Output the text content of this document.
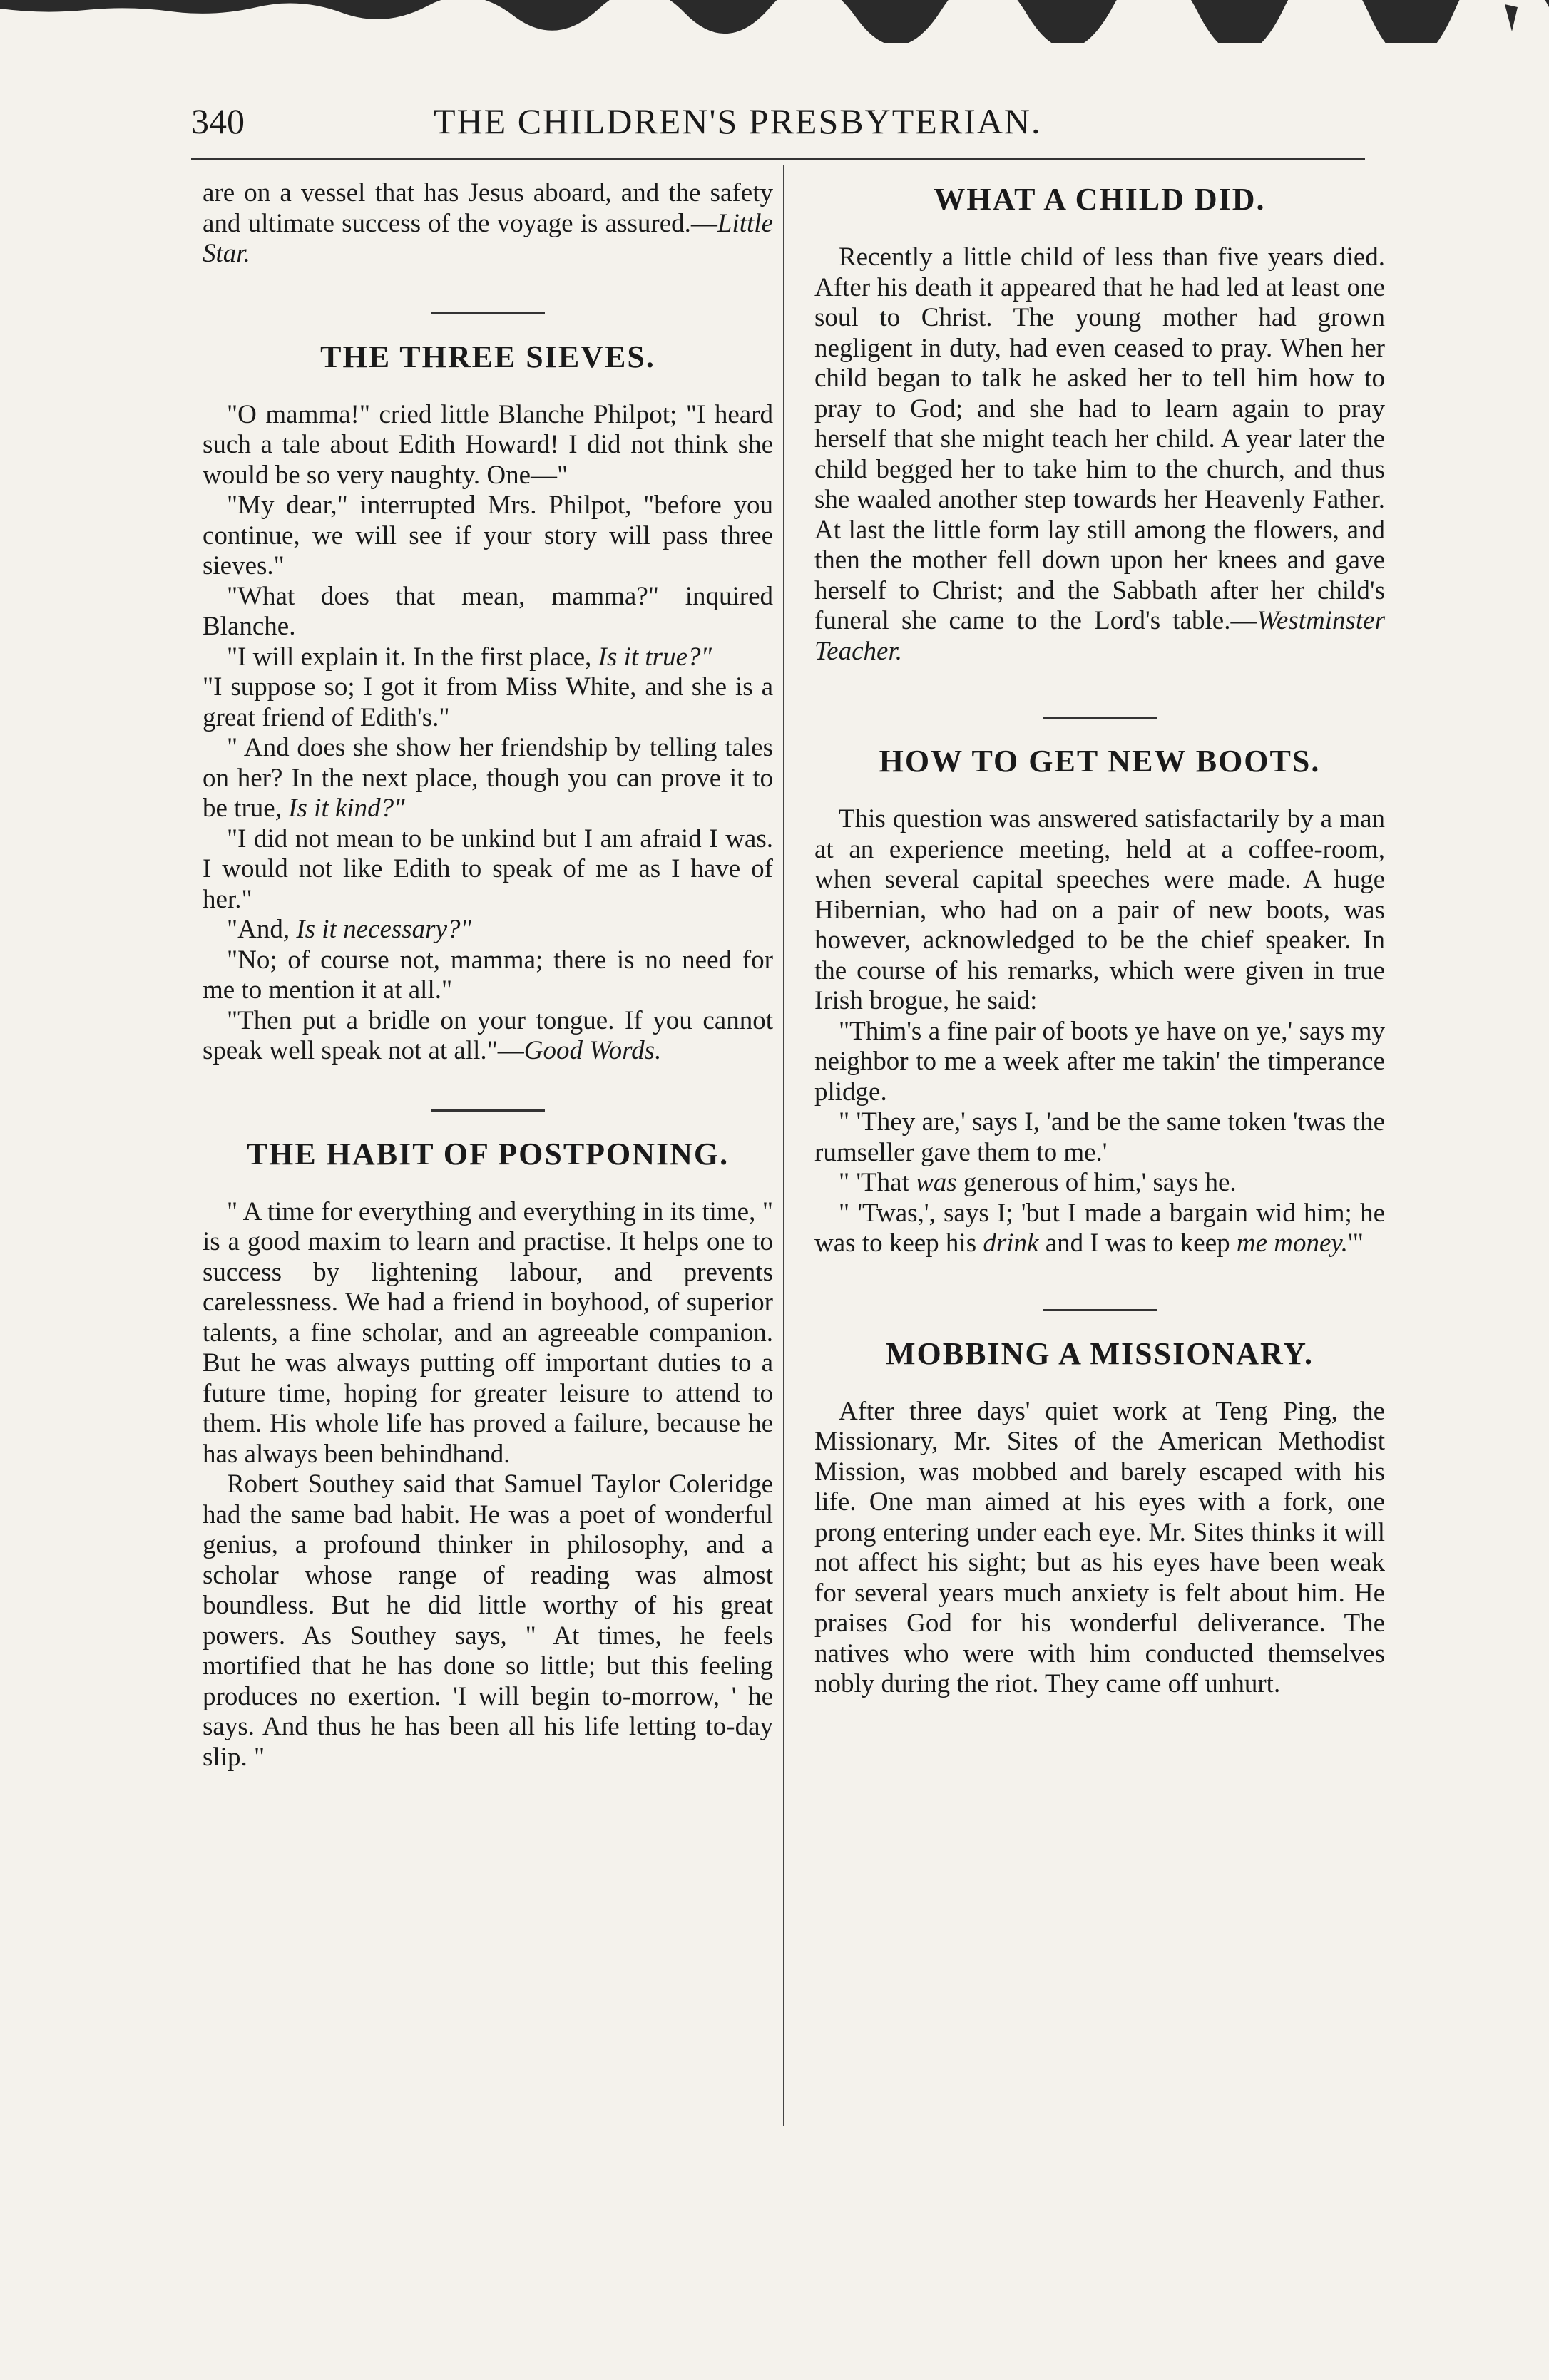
340	THE CHILDREN'S PRESBYTERIAN.

are on a vessel that has Jesus aboard, and the safety and ultimate success of the voyage is assured.—Little Star.

THE THREE SIEVES.

"O mamma!" cried little Blanche Philpot; "I heard such a tale about Edith Howard! I did not think she would be so very naughty. One—"

"My dear," interrupted Mrs. Philpot, "before you continue, we will see if your story will pass three sieves."

"What does that mean, mamma?" inquired Blanche.

"I will explain it. In the first place, Is it true?"

"I suppose so; I got it from Miss White, and she is a great friend of Edith's."

" And does she show her friendship by telling tales on her? In the next place, though you can prove it to be true, Is it kind?"

"I did not mean to be unkind but I am afraid I was. I would not like Edith to speak of me as I have of her."

"And, Is it necessary?"

"No; of course not, mamma; there is no need for me to mention it at all."

"Then put a bridle on your tongue. If you cannot speak well speak not at all."—Good Words.

THE HABIT OF POSTPONING.

" A time for everything and everything in its time, " is a good maxim to learn and practise. It helps one to success by lightening labour, and prevents carelessness. We had a friend in boyhood, of superior talents, a fine scholar, and an agreeable companion. But he was always putting off important duties to a future time, hoping for greater leisure to attend to them. His whole life has proved a failure, because he has always been behindhand.

Robert Southey said that Samuel Taylor Coleridge had the same bad habit. He was a poet of wonderful genius, a profound thinker in philosophy, and a scholar whose range of reading was almost boundless. But he did little worthy of his great powers. As Southey says, " At times, he feels mortified that he has done so little; but this feeling produces no exertion. 'I will begin to-morrow, ' he says. And thus he has been all his life letting to-day slip. "

WHAT A CHILD DID.

Recently a little child of less than five years died. After his death it appeared that he had led at least one soul to Christ. The young mother had grown negligent in duty, had even ceased to pray. When her child began to talk he asked her to tell him how to pray to God; and she had to learn again to pray herself that she might teach her child. A year later the child begged her to take him to the church, and thus she waaled another step towards her Heavenly Father. At last the little form lay still among the flowers, and then the mother fell down upon her knees and gave herself to Christ; and the Sabbath after her child's funeral she came to the Lord's table.—Westminster Teacher.

HOW TO GET NEW BOOTS.

This question was answered satisfactarily by a man at an experience meeting, held at a coffee-room, when several capital speeches were made. A huge Hibernian, who had on a pair of new boots, was however, acknowledged to be the chief speaker. In the course of his remarks, which were given in true Irish brogue, he said:

"Thim's a fine pair of boots ye have on ye,' says my neighbor to me a week after me takin' the timperance plidge.

" 'They are,' says I, 'and be the same token 'twas the rumseller gave them to me.'

" 'That was generous of him,' says he.

" 'Twas,', says I; 'but I made a bargain wid him; he was to keep his drink and I was to keep me money.'"

MOBBING A MISSIONARY.

After three days' quiet work at Teng Ping, the Missionary, Mr. Sites of the American Methodist Mission, was mobbed and barely escaped with his life. One man aimed at his eyes with a fork, one prong entering under each eye. Mr. Sites thinks it will not affect his sight; but as his eyes have been weak for several years much anxiety is felt about him. He praises God for his wonderful deliverance. The natives who were with him conducted themselves nobly during the riot. They came off unhurt.
